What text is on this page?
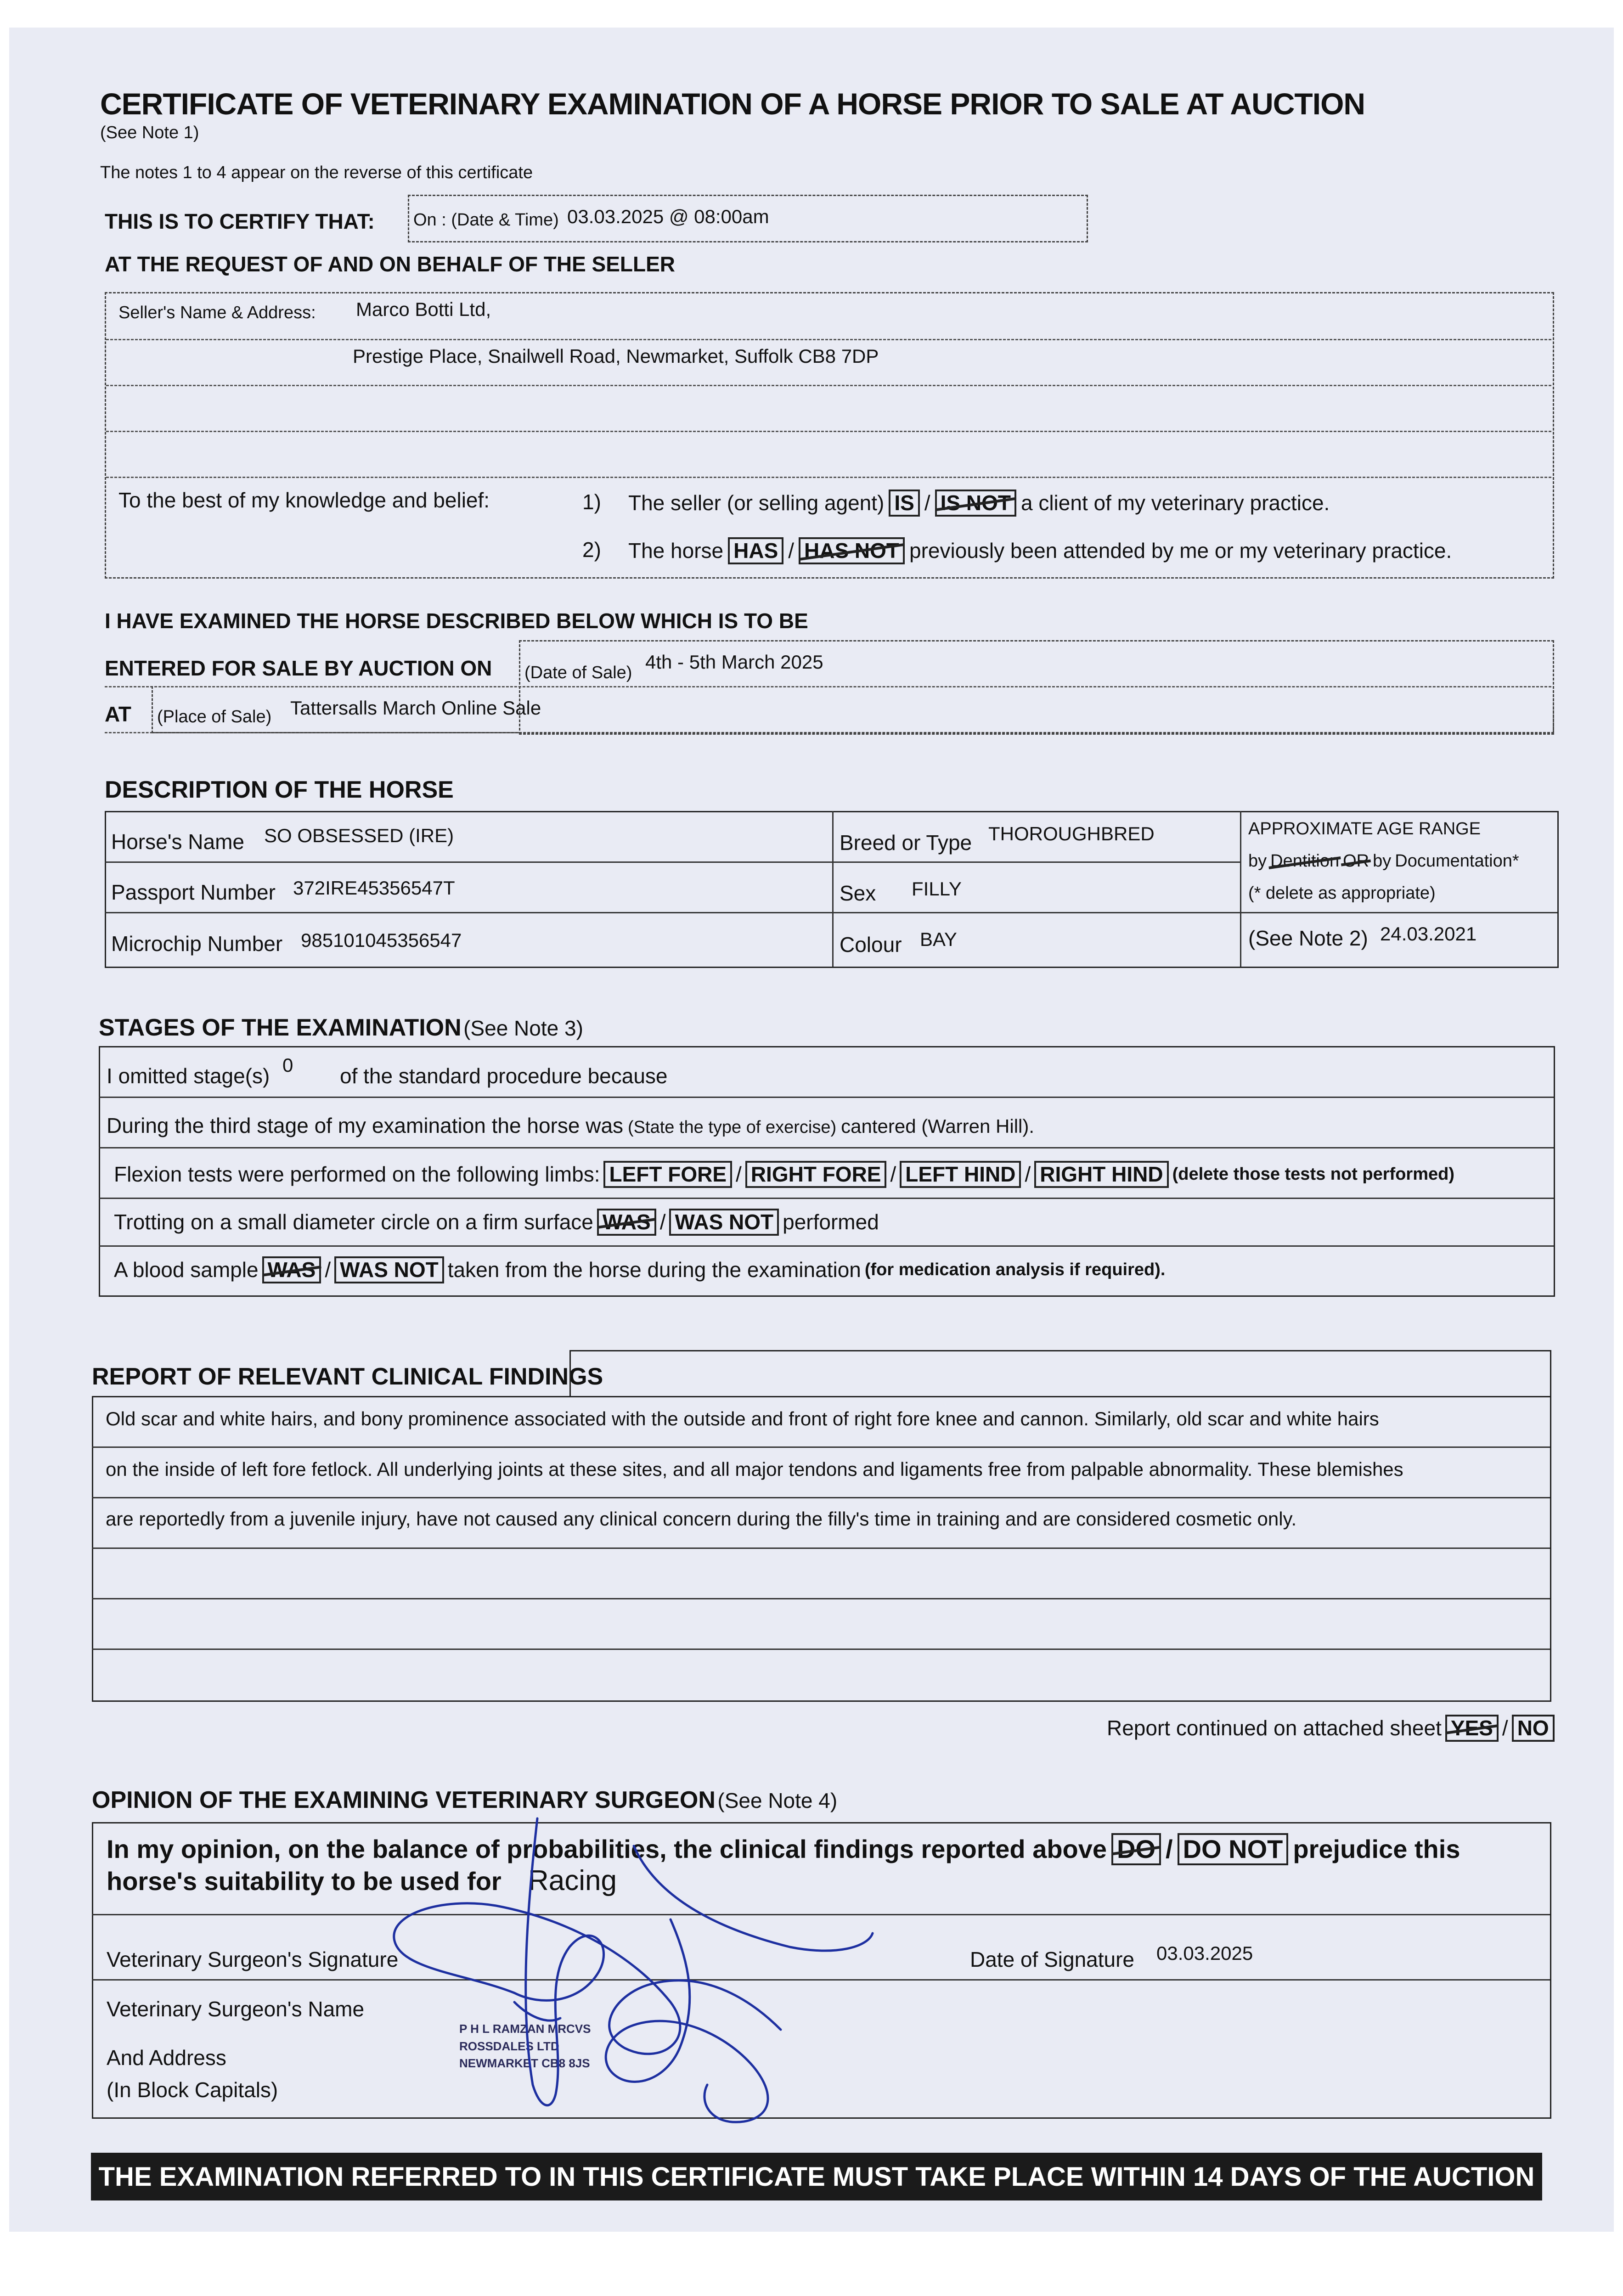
CERTIFICATE OF VETERINARY EXAMINATION OF A HORSE PRIOR TO SALE AT AUCTION
(See Note 1)
The notes 1 to 4 appear on the reverse of this certificate
THIS IS TO CERTIFY THAT: On : (Date & Time) 03.03.2025 @ 08:00am
AT THE REQUEST OF AND ON BEHALF OF THE SELLER
Seller's Name & Address: Marco Botti Ltd,
Prestige Place, Snailwell Road, Newmarket, Suffolk CB8 7DP
To the best of my knowledge and belief:	1) The seller (or selling agent) IS / IS NOT a client of my veterinary practice.
2) The horse HAS / HAS NOT previously been attended by me or my veterinary practice.
I HAVE EXAMINED THE HORSE DESCRIBED BELOW WHICH IS TO BE
ENTERED FOR SALE BY AUCTION ON (Date of Sale) 4th - 5th March 2025
AT (Place of Sale) Tattersalls March Online Sale
DESCRIPTION OF THE HORSE
Horse's Name SO OBSESSED (IRE)
Passport Number 372IRE45356547T
Microchip Number 985101045356547
Breed or Type THOROUGHBRED
Sex FILLY
Colour BAY
APPROXIMATE AGE RANGE
by Dentition OR by Documentation*
(* delete as appropriate)
(See Note 2) 24.03.2021
STAGES OF THE EXAMINATION (See Note 3)
I omitted stage(s) 0 of the standard procedure because
During the third stage of my examination the horse was (State the type of exercise) cantered (Warren Hill).
Flexion tests were performed on the following limbs: LEFT FORE / RIGHT FORE / LEFT HIND / RIGHT HIND (delete those tests not performed)
Trotting on a small diameter circle on a firm surface WAS / WAS NOT performed
A blood sample WAS / WAS NOT taken from the horse during the examination (for medication analysis if required).
REPORT OF RELEVANT CLINICAL FINDINGS
Old scar and white hairs, and bony prominence associated with the outside and front of right fore knee and cannon. Similarly, old scar and white hairs
on the inside of left fore fetlock. All underlying joints at these sites, and all major tendons and ligaments free from palpable abnormality. These blemishes
are reportedly from a juvenile injury, have not caused any clinical concern during the filly's time in training and are considered cosmetic only.
Report continued on attached sheet YES / NO
OPINION OF THE EXAMINING VETERINARY SURGEON (See Note 4)
In my opinion, on the balance of probabilities, the clinical findings reported above DO / DO NOT prejudice this
horse's suitability to be used for Racing
Veterinary Surgeon's Signature	Date of Signature 03.03.2025
Veterinary Surgeon's Name
And Address
(In Block Capitals)
P H L RAMZAN MRCVS
ROSSDALES LTD
NEWMARKET CB8 8JS
THE EXAMINATION REFERRED TO IN THIS CERTIFICATE MUST TAKE PLACE WITHIN 14 DAYS OF THE AUCTION
